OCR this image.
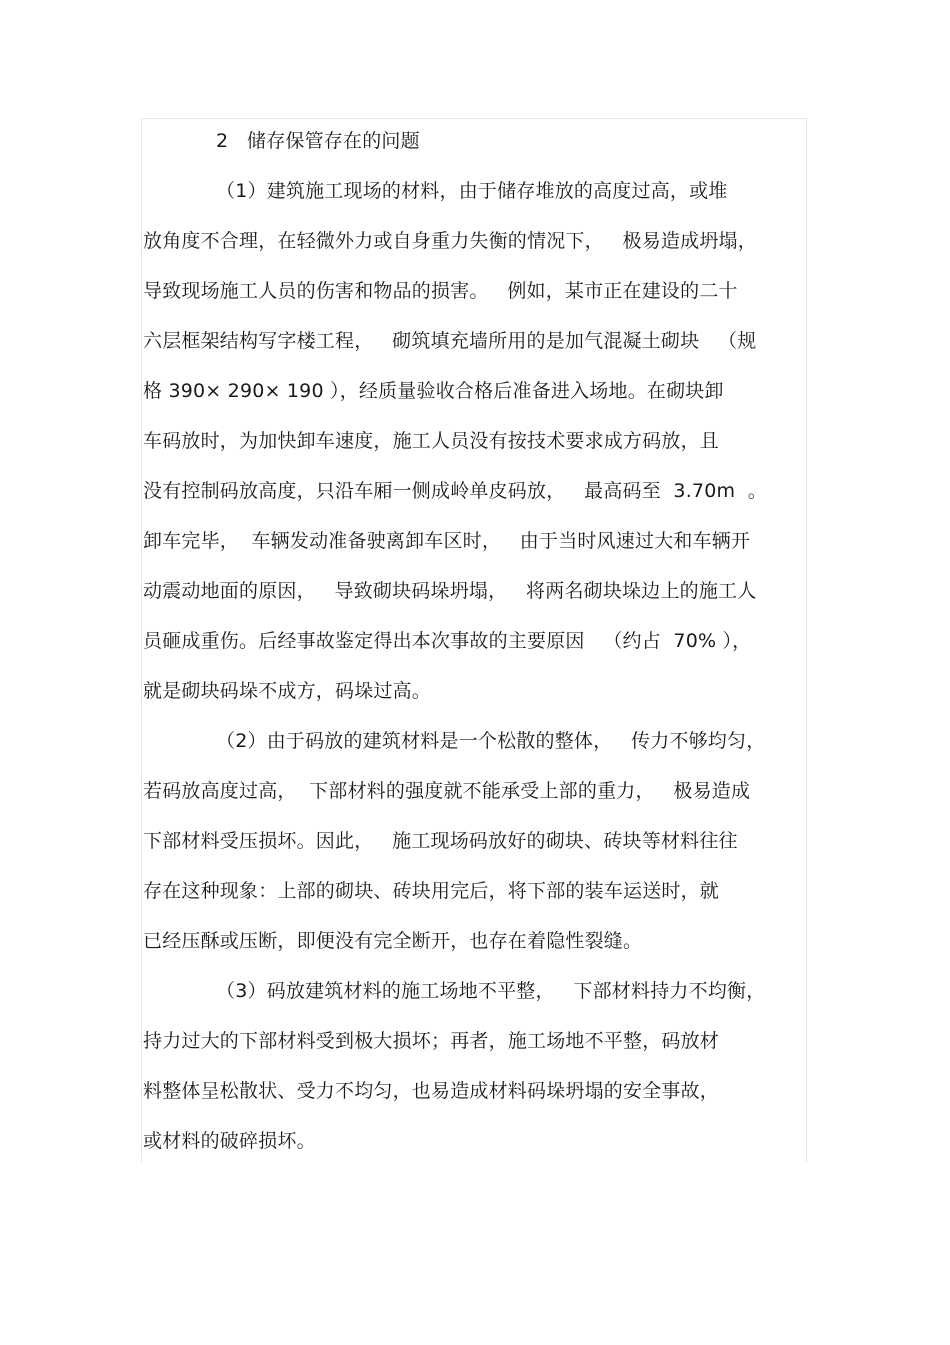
2   储存保管存在的问题
（1）建筑施工现场的材料，由于储存堆放的高度过高，或堆
放角度不合理，在轻微外力或自身重力失衡的情况下，   极易造成坍塌，
导致现场施工人员的伤害和物品的损害。   例如，某市正在建设的二十
六层框架结构写字楼工程，   砌筑填充墙所用的是加气混凝土砌块   （规
格 390× 290× 190 ），经质量验收合格后准备进入场地。在砌块卸
车码放时，为加快卸车速度，施工人员没有按技术要求成方码放，且
没有控制码放高度，只沿车厢一侧成岭单皮码放，   最高码至  3.70m  。
卸车完毕，  车辆发动准备驶离卸车区时，   由于当时风速过大和车辆开
动震动地面的原因，   导致砌块码垛坍塌，   将两名砌块垛边上的施工人
员砸成重伤。后经事故鉴定得出本次事故的主要原因   （约占  70% ），
就是砌块码垛不成方，码垛过高。
（2）由于码放的建筑材料是一个松散的整体，   传力不够均匀，
若码放高度过高，  下部材料的强度就不能承受上部的重力，   极易造成
下部材料受压损坏。因此，   施工现场码放好的砌块、砖块等材料往往
存在这种现象：上部的砌块、砖块用完后，将下部的装车运送时，就
已经压酥或压断，即便没有完全断开，也存在着隐性裂缝。
（3）码放建筑材料的施工场地不平整，   下部材料持力不均衡，
持力过大的下部材料受到极大损坏；再者，施工场地不平整，码放材
料整体呈松散状、受力不均匀，也易造成材料码垛坍塌的安全事故，
或材料的破碎损坏。
